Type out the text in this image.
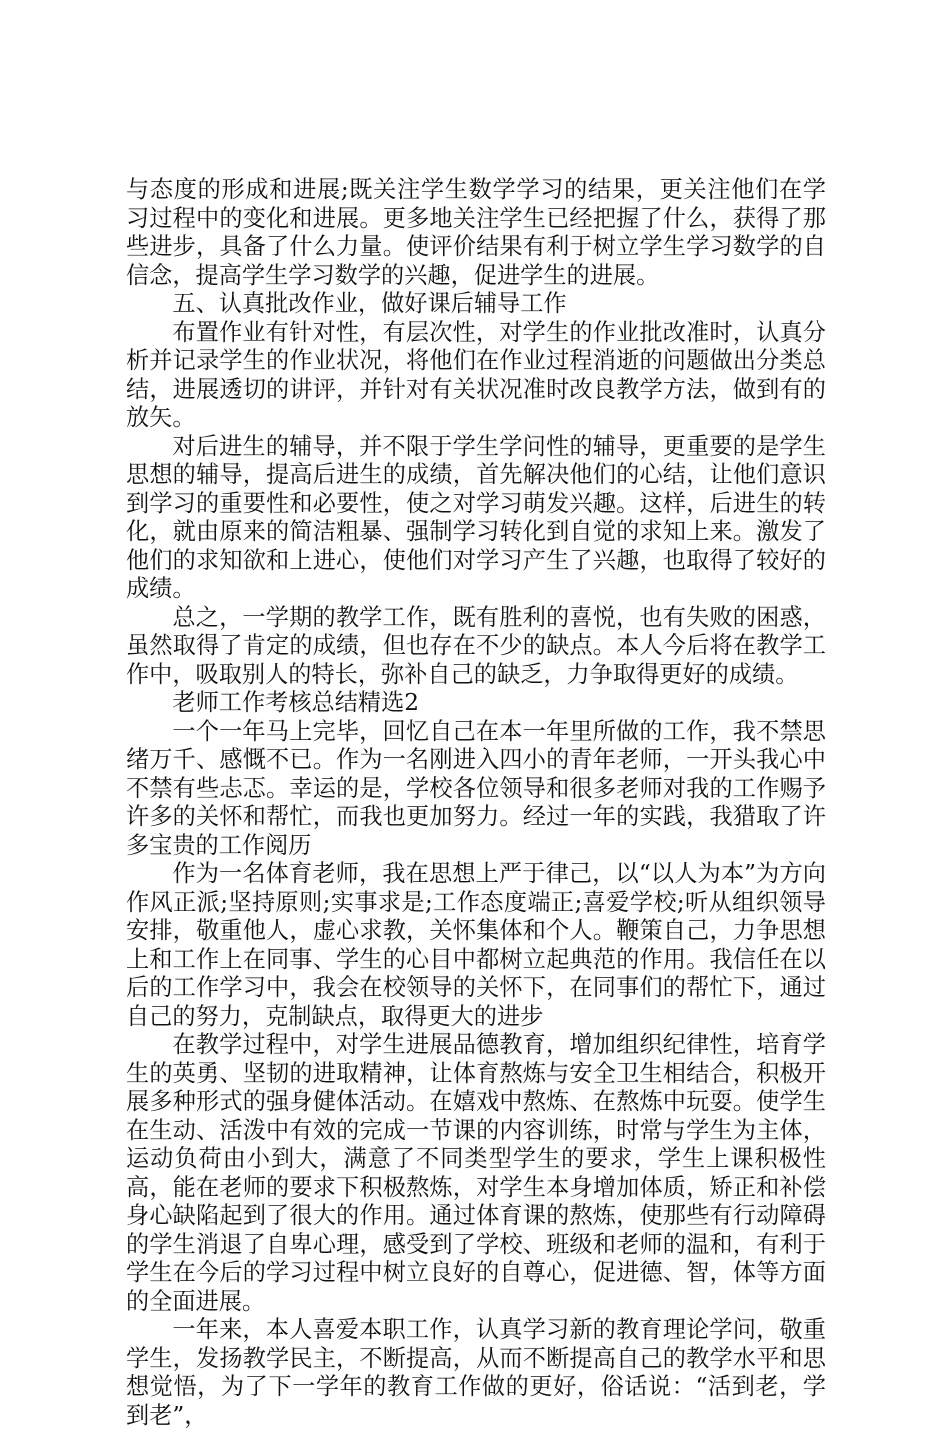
与态度的形成和进展;既关注学生数学学习的结果，更关注他们在学习过程中的变化和进展。更多地关注学生已经把握了什么，获得了那些进步，具备了什么力量。使评价结果有利于树立学生学习数学的自信念，提高学生学习数学的兴趣，促进学生的进展。

五、认真批改作业，做好课后辅导工作

布置作业有针对性，有层次性，对学生的作业批改准时，认真分析并记录学生的作业状况，将他们在作业过程消逝的问题做出分类总结，进展透切的讲评，并针对有关状况准时改良教学方法，做到有的放矢。

对后进生的辅导，并不限于学生学问性的辅导，更重要的是学生思想的辅导，提高后进生的成绩，首先解决他们的心结，让他们意识到学习的重要性和必要性，使之对学习萌发兴趣。这样，后进生的转化，就由原来的简洁粗暴、强制学习转化到自觉的求知上来。激发了他们的求知欲和上进心，使他们对学习产生了兴趣，也取得了较好的成绩。

总之，一学期的教学工作，既有胜利的喜悦，也有失败的困惑，虽然取得了肯定的成绩，但也存在不少的缺点。本人今后将在教学工作中，吸取别人的特长，弥补自己的缺乏，力争取得更好的成绩。

老师工作考核总结精选2

一个一年马上完毕，回忆自己在本一年里所做的工作，我不禁思绪万千、感慨不已。作为一名刚进入四小的青年老师，一开头我心中不禁有些忐忑。幸运的是，学校各位领导和很多老师对我的工作赐予许多的关怀和帮忙，而我也更加努力。经过一年的实践，我猎取了许多宝贵的工作阅历

作为一名体育老师，我在思想上严于律己，以“以人为本”为方向作风正派;坚持原则;实事求是;工作态度端正;喜爱学校;听从组织领导安排，敬重他人，虚心求教，关怀集体和个人。鞭策自己，力争思想上和工作上在同事、学生的心目中都树立起典范的作用。我信任在以后的工作学习中，我会在校领导的关怀下，在同事们的帮忙下，通过自己的努力，克制缺点，取得更大的进步

在教学过程中，对学生进展品德教育，增加组织纪律性，培育学生的英勇、坚韧的进取精神，让体育熬炼与安全卫生相结合，积极开展多种形式的强身健体活动。在嬉戏中熬炼、在熬炼中玩耍。使学生在生动、活泼中有效的完成一节课的内容训练，时常与学生为主体，运动负荷由小到大，满意了不同类型学生的要求，学生上课积极性高，能在老师的要求下积极熬炼，对学生本身增加体质，矫正和补偿身心缺陷起到了很大的作用。通过体育课的熬炼，使那些有行动障碍的学生消退了自卑心理，感受到了学校、班级和老师的温和，有利于学生在今后的学习过程中树立良好的自尊心，促进德、智，体等方面的全面进展。

一年来，本人喜爱本职工作，认真学习新的教育理论学问，敬重学生，发扬教学民主，不断提高，从而不断提高自己的教学水平和思想觉悟，为了下一学年的教育工作做的更好，俗话说：“活到老，学到老”，
